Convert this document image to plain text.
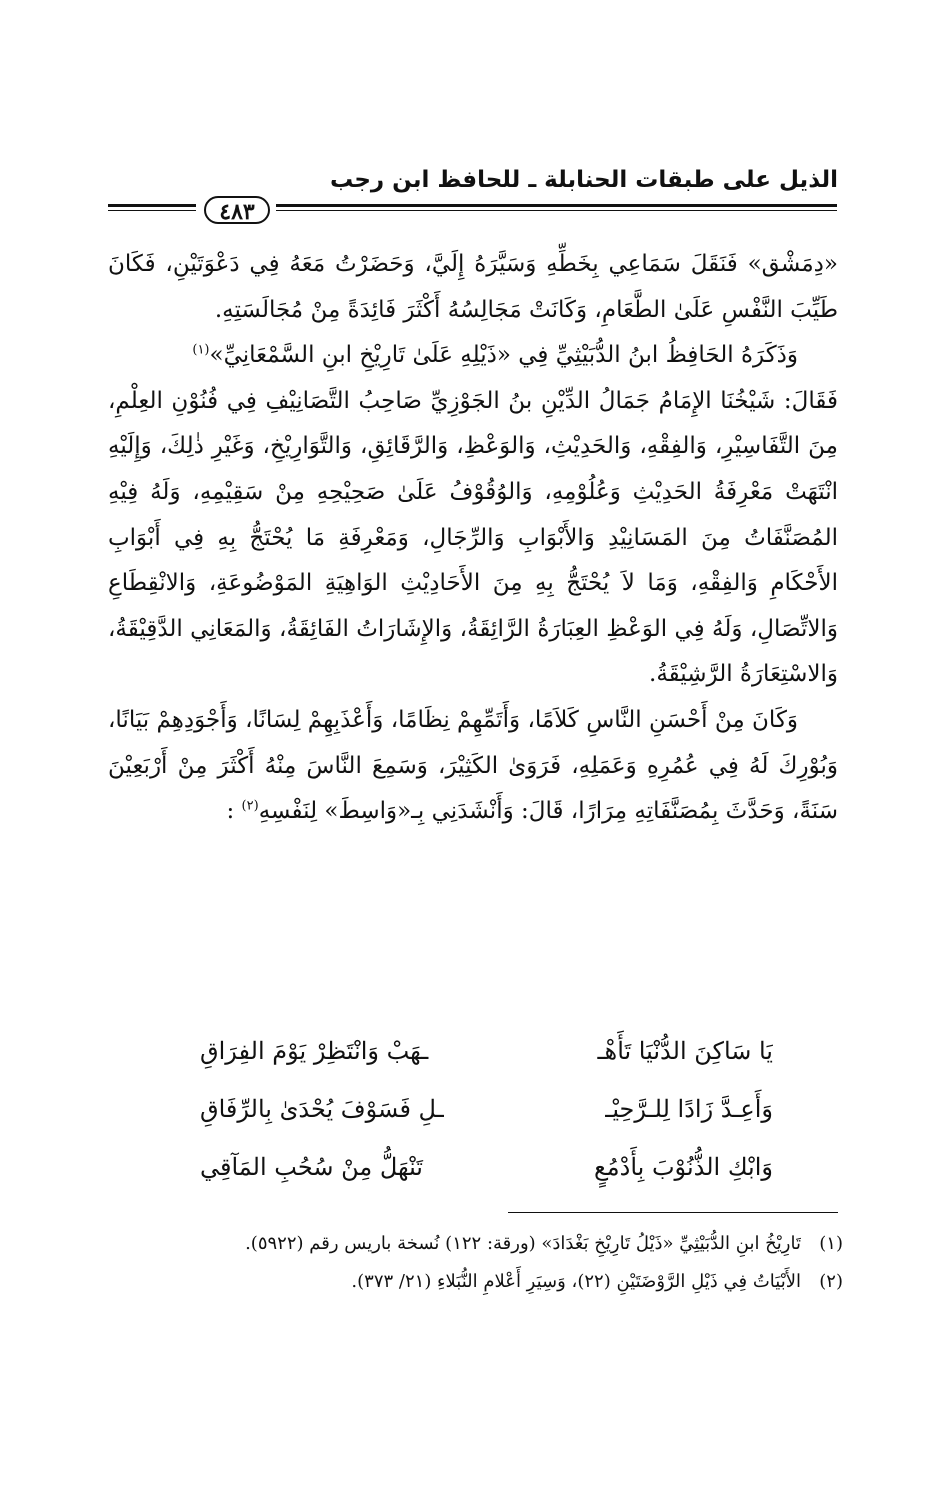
الذيل على طبقات الحنابلة ـ للحافظ ابن رجب
٤٨٣

«دِمَشْق» فَنَقَلَ سَمَاعِي بِخَطِّهِ وَسَيَّرَهُ إِلَيَّ، وَحَضَرْتُ مَعَهُ فِي دَعْوَتَيْنِ، فَكَانَ طَيِّبَ النَّفْسِ عَلَىٰ الطَّعَامِ، وَكَانَتْ مَجَالِسُهُ أَكْثَرَ فَائِدَةً مِنْ مُجَالَسَتِهِ.

وَذَكَرَهُ الحَافِظُ ابنُ الدُّبَيْثِيِّ فِي «ذَيْلِهِ عَلَىٰ تَارِيْخِ ابنِ السَّمْعَانِيِّ»$^{(١)}$

فَقَالَ: شَيْخُنَا الإِمَامُ جَمَالُ الدِّيْنِ بنُ الجَوْزِيِّ صَاحِبُ التَّصَانِيْفِ فِي فُنُوْنِ العِلْمِ، مِنَ التَّفَاسِيْرِ، وَالفِقْهِ، وَالحَدِيْثِ، وَالوَعْظِ، وَالرَّقَائِقِ، وَالتَّوَارِيْخِ، وَغَيْرِ ذٰلِكَ، وَإِلَيْهِ انْتَهَتْ مَعْرِفَةُ الحَدِيْثِ وَعُلُوْمِهِ، وَالوُقُوْفُ عَلَىٰ صَحِيْحِهِ مِنْ سَقِيْمِهِ، وَلَهُ فِيْهِ المُصَنَّفَاتُ مِنَ المَسَانِيْدِ وَالأَبْوَابِ وَالرِّجَالِ، وَمَعْرِفَةِ مَا يُحْتَجُّ بِهِ فِي أَبْوَابِ الأَحْكَامِ وَالفِقْهِ، وَمَا لاَ يُحْتَجُّ بِهِ مِنَ الأَحَادِيْثِ الوَاهِيَةِ المَوْضُوعَةِ، وَالانْقِطَاعِ وَالاتِّصَالِ، وَلَهُ فِي الوَعْظِ العِبَارَةُ الرَّائِقَةُ، وَالإِشَارَاتُ الفَائِقَةُ، وَالمَعَانِي الدَّقِيْقَةُ، وَالاسْتِعَارَةُ الرَّشِيْقَةُ.

وَكَانَ مِنْ أَحْسَنِ النَّاسِ كَلاَمًا، وَأَتَمِّهِمْ نِظَامًا، وَأَعْذَبِهِمْ لِسَانًا، وَأَجْوَدِهِمْ بَيَانًا، وَبُوْرِكَ لَهُ فِي عُمُرِهِ وَعَمَلِهِ، فَرَوَىٰ الكَثِيْرَ، وَسَمِعَ النَّاسَ مِنْهُ أَكْثَرَ مِنْ أَرْبَعِيْنَ سَنَةً، وَحَدَّثَ بِمُصَنَّفَاتِهِ مِرَارًا، قَالَ: وَأَنْشَدَنِي بِـ«وَاسِطَ» لِنَفْسِهِ$^{(٢)}$ :

يَا سَاكِنَ الدُّنْيَا تَأَهْـ
ـهَبْ وَانْتَظِرْ يَوْمَ الفِرَاقِ
وَأَعِـدَّ زَادًا لِلـرَّحِيْـ
ـلِ فَسَوْفَ يُحْدَىٰ بِالرِّفَاقِ
وَابْكِ الذُّنُوْبَ بِأَدْمُعٍ
تَنْهَلُّ مِنْ سُحُبِ المَآقِي
(١)
تَارِيْخُ ابنِ الدُّبَيْثِيِّ «ذَيْلُ تَارِيْخِ بَغْدَادَ» (ورقة: ١٢٢) نُسخة باريس رقم (٥٩٢٢).
(٢)
الأَبْيَاتُ فِي ذَيْلِ الرَّوْضَتَيْنِ (٢٢)، وَسِيَرِ أَعْلامِ النُّبَلاءِ (٢١/ ٣٧٣).
